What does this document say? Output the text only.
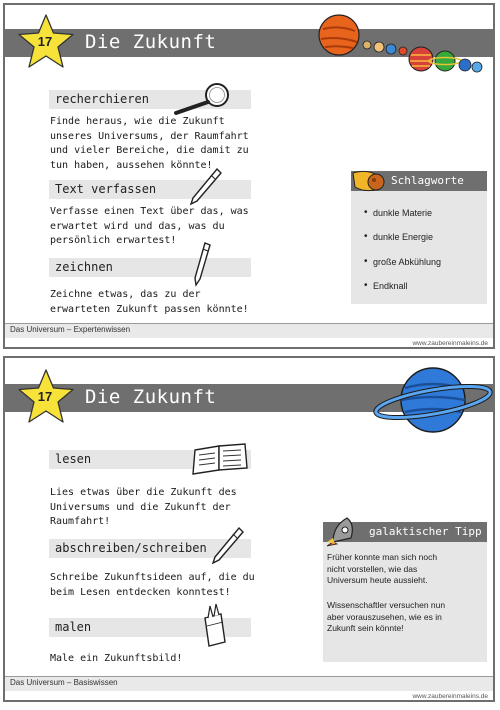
Die Zukunft
17
recherchieren
Finde heraus, wie die Zukunft unseres Universums, der Raumfahrt und vieler Bereiche, die damit zu tun haben, aussehen könnte!
Text verfassen
Verfasse einen Text über das, was erwartet wird und das, was du persönlich erwartest!
zeichnen
Zeichne etwas, das zu der erwarteten Zukunft passen könnte!
Schlagworte
• dunkle Materie
• dunkle Energie
• große Abkühlung
• Endknall
Das Universum – Expertenwissen
www.zaubereinmaleins.de
Die Zukunft
17
lesen
Lies etwas über die Zukunft des Universums und die Zukunft der Raumfahrt!
abschreiben/schreiben
Schreibe Zukunftsideen auf, die du beim Lesen entdecken konntest!
malen
Male ein Zukunftsbild!
galaktischer Tipp
Früher konnte man sich noch nicht vorstellen, wie das Universum heute aussieht.
Wissenschaftler versuchen nun aber vorauszusehen, wie es in Zukunft sein könnte!
Das Universum – Basiswissen
www.zaubereinmaleins.de
